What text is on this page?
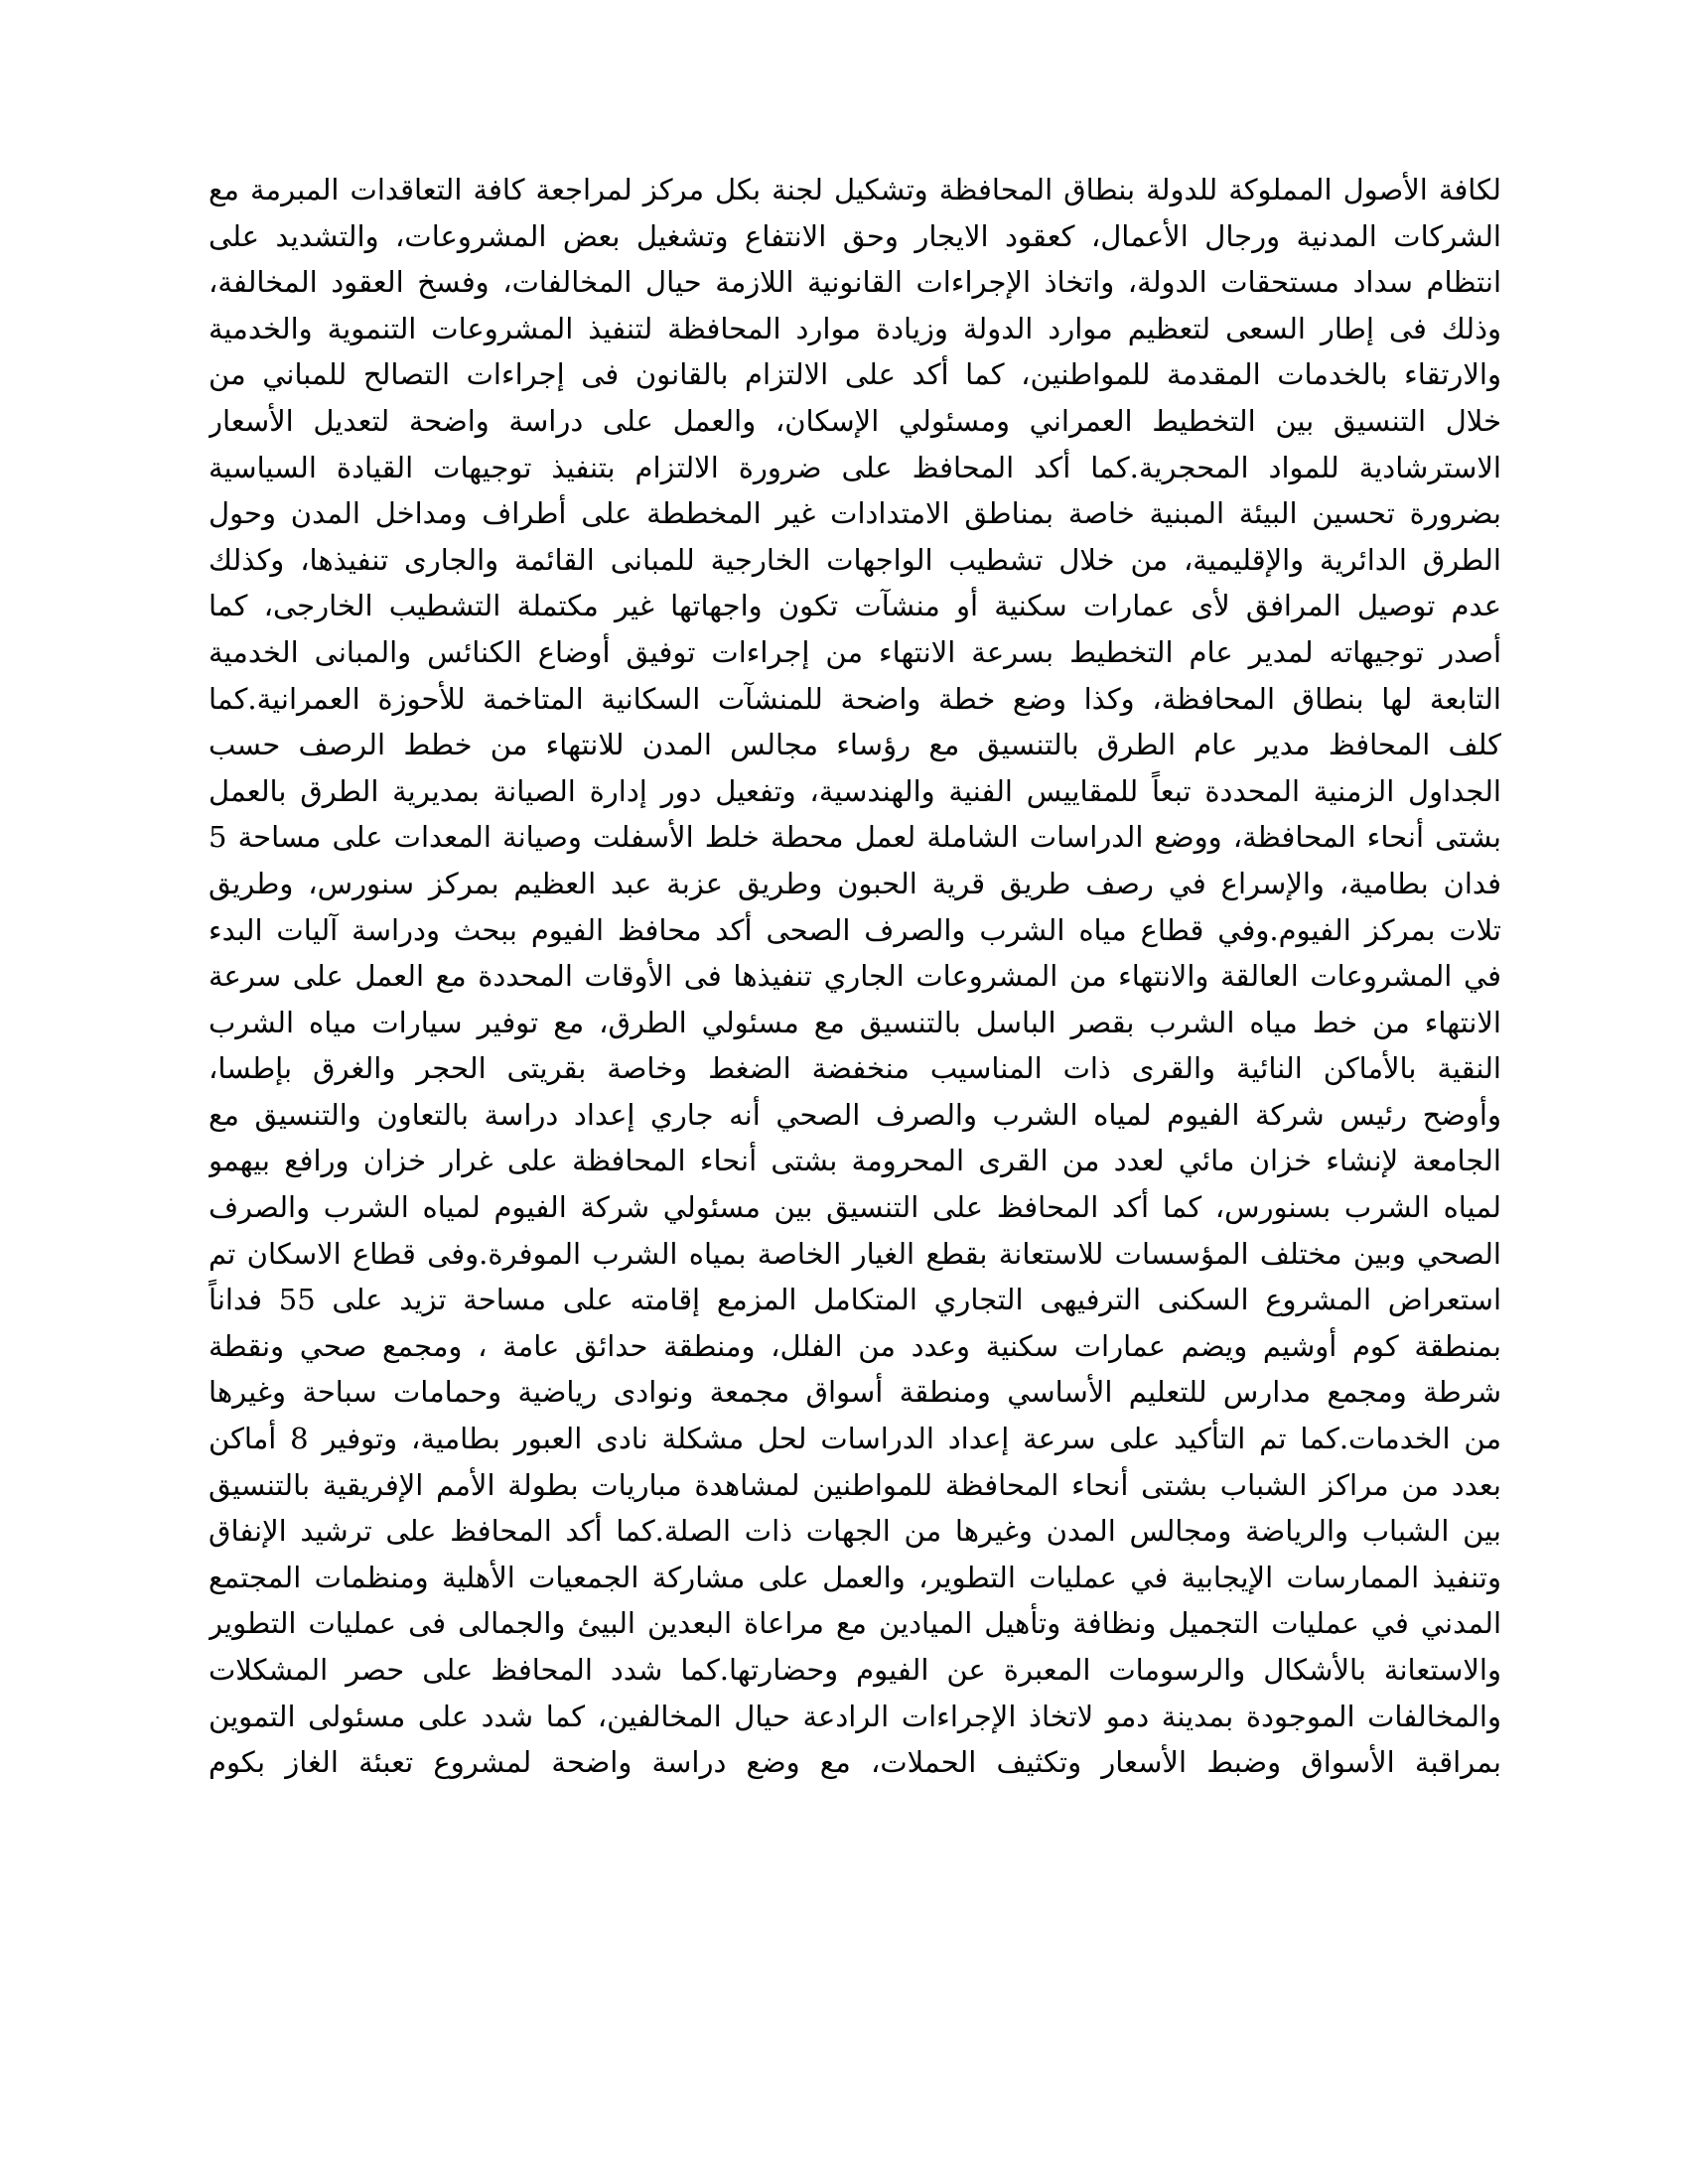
لكافة الأصول المملوكة للدولة بنطاق المحافظة وتشكيل لجنة بكل مركز لمراجعة كافة التعاقدات المبرمة مع

الشركات المدنية ورجال الأعمال، كعقود الايجار وحق الانتفاع وتشغيل بعض المشروعات، والتشديد على

انتظام سداد مستحقات الدولة، واتخاذ الإجراءات القانونية اللازمة حيال المخالفات، وفسخ العقود المخالفة،

وذلك فى إطار السعى لتعظيم موارد الدولة وزيادة موارد المحافظة لتنفيذ المشروعات التنموية والخدمية

والارتقاء بالخدمات المقدمة للمواطنين، كما أكد على الالتزام بالقانون فى إجراءات التصالح للمباني من

خلال التنسيق بين التخطيط العمراني ومسئولي الإسكان، والعمل على دراسة واضحة لتعديل الأسعار

الاسترشادية للمواد المحجرية.كما أكد المحافظ على ضرورة الالتزام بتنفيذ توجيهات القيادة السياسية

بضرورة تحسين البيئة المبنية خاصة بمناطق الامتدادات غير المخططة على أطراف ومداخل المدن وحول

الطرق الدائرية والإقليمية، من خلال تشطيب الواجهات الخارجية للمبانى القائمة والجارى تنفيذها، وكذلك

عدم توصيل المرافق لأى عمارات سكنية أو منشآت تكون واجهاتها غير مكتملة التشطيب الخارجى، كما

أصدر توجيهاته لمدير عام التخطيط بسرعة الانتهاء من إجراءات توفيق أوضاع الكنائس والمبانى الخدمية

التابعة لها بنطاق المحافظة، وكذا وضع خطة واضحة للمنشآت السكانية المتاخمة للأحوزة العمرانية.كما

كلف المحافظ مدير عام الطرق بالتنسيق مع رؤساء مجالس المدن للانتهاء من خطط الرصف حسب

الجداول الزمنية المحددة تبعاً للمقاييس الفنية والهندسية، وتفعيل دور إدارة الصيانة بمديرية الطرق بالعمل

بشتى أنحاء المحافظة، ووضع الدراسات الشاملة لعمل محطة خلط الأسفلت وصيانة المعدات على مساحة 5

فدان بطامية، والإسراع في رصف طريق قرية الحبون وطريق عزبة عبد العظيم بمركز سنورس، وطريق

تلات بمركز الفيوم.وفي قطاع مياه الشرب والصرف الصحى أكد محافظ الفيوم ببحث ودراسة آليات البدء

في المشروعات العالقة والانتهاء من المشروعات الجاري تنفيذها فى الأوقات المحددة مع العمل على سرعة

الانتهاء من خط مياه الشرب بقصر الباسل بالتنسيق مع مسئولي الطرق، مع توفير سيارات مياه الشرب

النقية بالأماكن النائية والقرى ذات المناسيب منخفضة الضغط وخاصة بقريتى الحجر والغرق بإطسا،

وأوضح رئيس شركة الفيوم لمياه الشرب والصرف الصحي أنه جاري إعداد دراسة بالتعاون والتنسيق مع

الجامعة لإنشاء خزان مائي لعدد من القرى المحرومة بشتى أنحاء المحافظة على غرار خزان ورافع بيهمو

لمياه الشرب بسنورس، كما أكد المحافظ على التنسيق بين مسئولي شركة الفيوم لمياه الشرب والصرف

الصحي وبين مختلف المؤسسات للاستعانة بقطع الغيار الخاصة بمياه الشرب الموفرة.وفى قطاع الاسكان تم

استعراض المشروع السكنى الترفيهى التجاري المتكامل المزمع إقامته على مساحة تزيد على 55 فداناً

بمنطقة كوم أوشيم ويضم عمارات سكنية وعدد من الفلل، ومنطقة حدائق عامة ، ومجمع صحي ونقطة

شرطة ومجمع مدارس للتعليم الأساسي ومنطقة أسواق مجمعة ونوادى رياضية وحمامات سباحة وغيرها

من الخدمات.كما تم التأكيد على سرعة إعداد الدراسات لحل مشكلة نادى العبور بطامية، وتوفير 8 أماكن

بعدد من مراكز الشباب بشتى أنحاء المحافظة للمواطنين لمشاهدة مباريات بطولة الأمم الإفريقية بالتنسيق

بين الشباب والرياضة ومجالس المدن وغيرها من الجهات ذات الصلة.كما أكد المحافظ على ترشيد الإنفاق

وتنفيذ الممارسات الإيجابية في عمليات التطوير، والعمل على مشاركة الجمعيات الأهلية ومنظمات المجتمع

المدني في عمليات التجميل ونظافة وتأهيل الميادين مع مراعاة البعدين البيئ والجمالى فى عمليات التطوير

والاستعانة بالأشكال والرسومات المعبرة عن الفيوم وحضارتها.كما شدد المحافظ على حصر المشكلات

والمخالفات الموجودة بمدينة دمو لاتخاذ الإجراءات الرادعة حيال المخالفين، كما شدد على مسئولى التموين

بمراقبة الأسواق وضبط الأسعار وتكثيف الحملات، مع وضع دراسة واضحة لمشروع تعبئة الغاز بكوم
